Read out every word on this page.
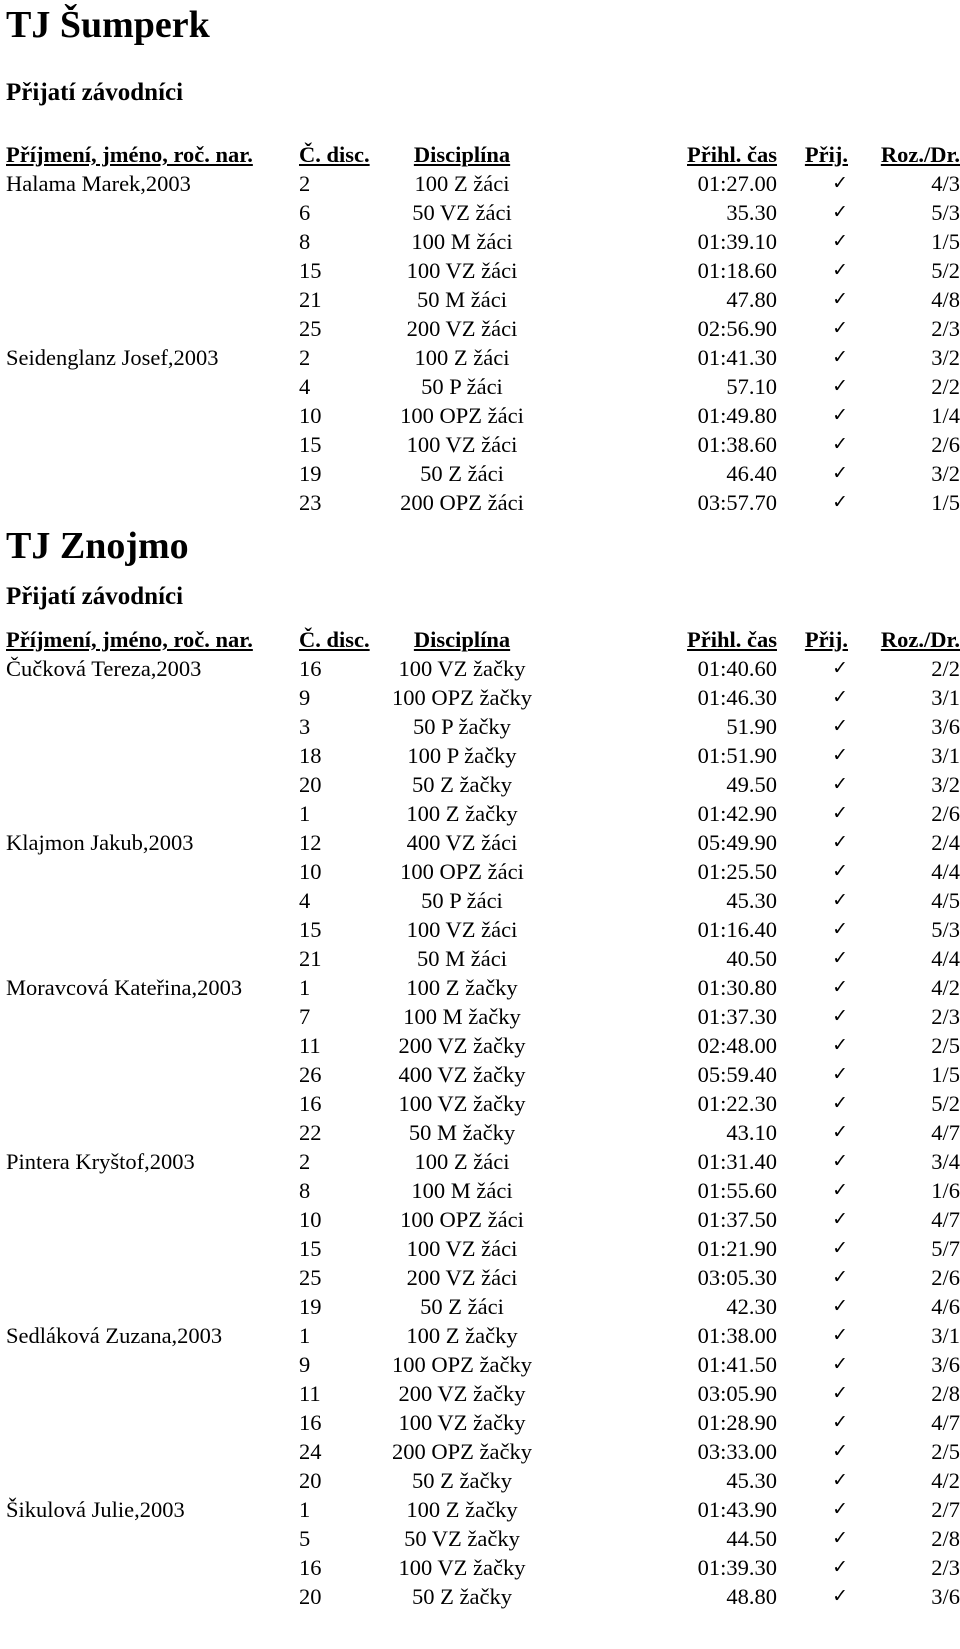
TJ Šumperk
Přijatí závodníci
Příjmení, jméno, roč. nar.	Č. disc.	Disciplína	Přihl. čas	Přij.	Roz./Dr.
Halama Marek,2003	2	100 Z žáci	01:27.00	✓	4/3
	6	50 VZ žáci	35.30	✓	5/3
	8	100 M žáci	01:39.10	✓	1/5
	15	100 VZ žáci	01:18.60	✓	5/2
	21	50 M žáci	47.80	✓	4/8
	25	200 VZ žáci	02:56.90	✓	2/3
Seidenglanz Josef,2003	2	100 Z žáci	01:41.30	✓	3/2
	4	50 P žáci	57.10	✓	2/2
	10	100 OPZ žáci	01:49.80	✓	1/4
	15	100 VZ žáci	01:38.60	✓	2/6
	19	50 Z žáci	46.40	✓	3/2
	23	200 OPZ žáci	03:57.70	✓	1/5
TJ Znojmo
Přijatí závodníci
Příjmení, jméno, roč. nar.	Č. disc.	Disciplína	Přihl. čas	Přij.	Roz./Dr.
Čučková Tereza,2003	16	100 VZ žačky	01:40.60	✓	2/2
	9	100 OPZ žačky	01:46.30	✓	3/1
	3	50 P žačky	51.90	✓	3/6
	18	100 P žačky	01:51.90	✓	3/1
	20	50 Z žačky	49.50	✓	3/2
	1	100 Z žačky	01:42.90	✓	2/6
Klajmon Jakub,2003	12	400 VZ žáci	05:49.90	✓	2/4
	10	100 OPZ žáci	01:25.50	✓	4/4
	4	50 P žáci	45.30	✓	4/5
	15	100 VZ žáci	01:16.40	✓	5/3
	21	50 M žáci	40.50	✓	4/4
Moravcová Kateřina,2003	1	100 Z žačky	01:30.80	✓	4/2
	7	100 M žačky	01:37.30	✓	2/3
	11	200 VZ žačky	02:48.00	✓	2/5
	26	400 VZ žačky	05:59.40	✓	1/5
	16	100 VZ žačky	01:22.30	✓	5/2
	22	50 M žačky	43.10	✓	4/7
Pintera Kryštof,2003	2	100 Z žáci	01:31.40	✓	3/4
	8	100 M žáci	01:55.60	✓	1/6
	10	100 OPZ žáci	01:37.50	✓	4/7
	15	100 VZ žáci	01:21.90	✓	5/7
	25	200 VZ žáci	03:05.30	✓	2/6
	19	50 Z žáci	42.30	✓	4/6
Sedláková Zuzana,2003	1	100 Z žačky	01:38.00	✓	3/1
	9	100 OPZ žačky	01:41.50	✓	3/6
	11	200 VZ žačky	03:05.90	✓	2/8
	16	100 VZ žačky	01:28.90	✓	4/7
	24	200 OPZ žačky	03:33.00	✓	2/5
	20	50 Z žačky	45.30	✓	4/2
Šikulová Julie,2003	1	100 Z žačky	01:43.90	✓	2/7
	5	50 VZ žačky	44.50	✓	2/8
	16	100 VZ žačky	01:39.30	✓	2/3
	20	50 Z žačky	48.80	✓	3/6
